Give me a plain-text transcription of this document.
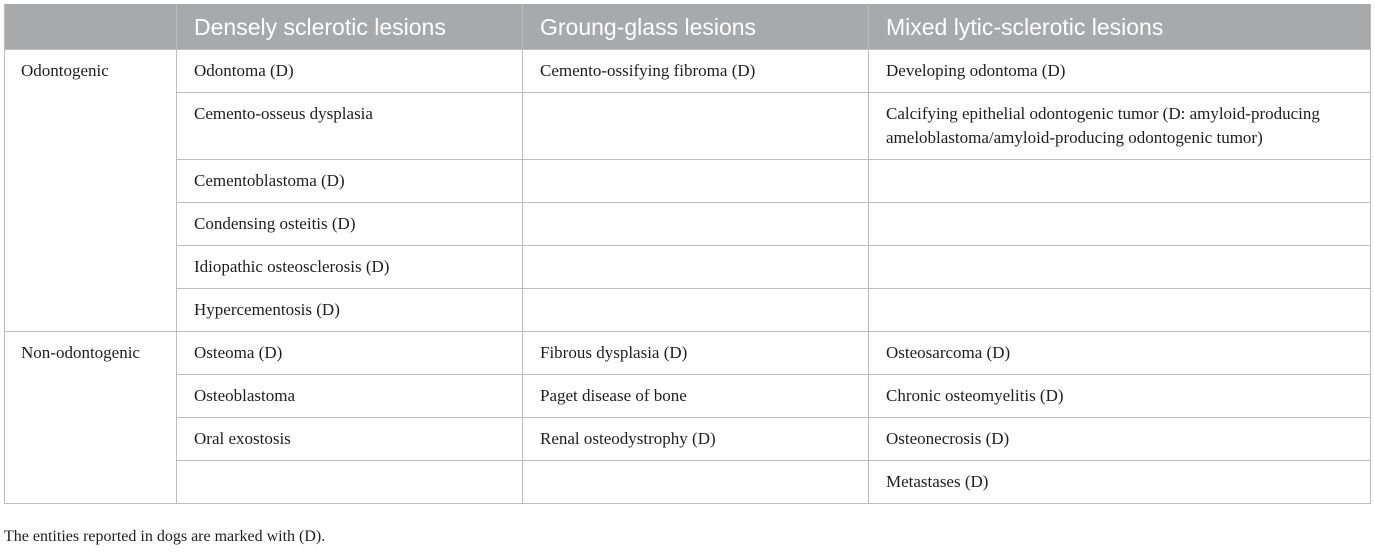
	Densely sclerotic lesions	Groung-glass lesions	Mixed lytic-sclerotic lesions
Odontogenic	Odontoma (D)	Cemento-ossifying fibroma (D)	Developing odontoma (D)
	Cemento-osseus dysplasia		Calcifying epithelial odontogenic tumor (D: amyloid-producing ameloblastoma/amyloid-producing odontogenic tumor)
	Cementoblastoma (D)		
	Condensing osteitis (D)		
	Idiopathic osteosclerosis (D)		
	Hypercementosis (D)		
Non-odontogenic	Osteoma (D)	Fibrous dysplasia (D)	Osteosarcoma (D)
	Osteoblastoma	Paget disease of bone	Chronic osteomyelitis (D)
	Oral exostosis	Renal osteodystrophy (D)	Osteonecrosis (D)
			Metastases (D)
The entities reported in dogs are marked with (D).
